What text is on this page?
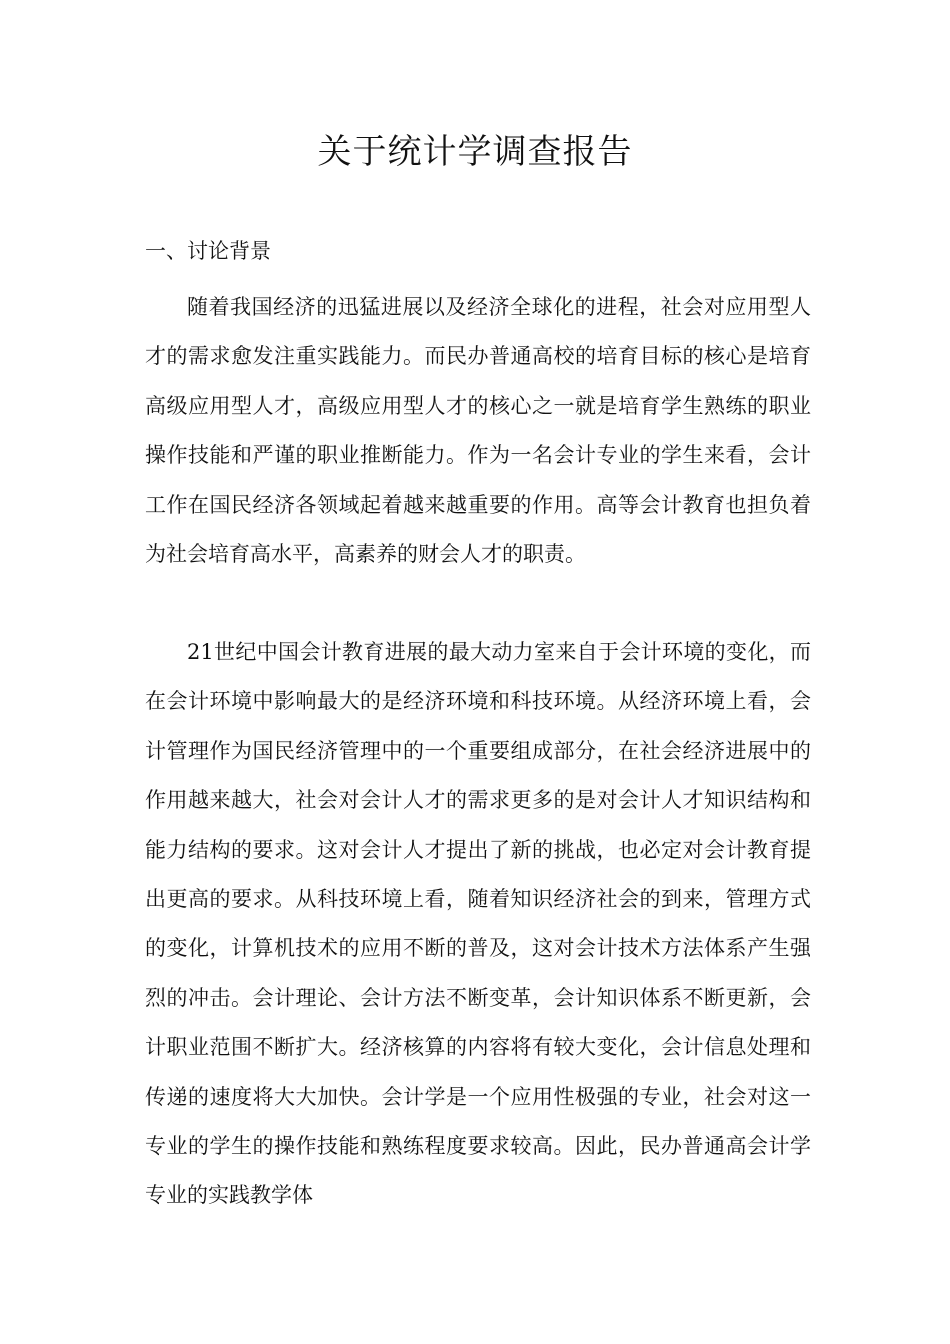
关于统计学调查报告
一、讨论背景

随着我国经济的迅猛进展以及经济全球化的进程，社会对应用型人才的需求愈发注重实践能力。而民办普通高校的培育目标的核心是培育高级应用型人才，高级应用型人才的核心之一就是培育学生熟练的职业操作技能和严谨的职业推断能力。作为一名会计专业的学生来看，会计工作在国民经济各领域起着越来越重要的作用。高等会计教育也担负着为社会培育高水平，高素养的财会人才的职责。

21世纪中国会计教育进展的最大动力室来自于会计环境的变化，而在会计环境中影响最大的是经济环境和科技环境。从经济环境上看，会计管理作为国民经济管理中的一个重要组成部分，在社会经济进展中的作用越来越大，社会对会计人才的需求更多的是对会计人才知识结构和能力结构的要求。这对会计人才提出了新的挑战，也必定对会计教育提出更高的要求。从科技环境上看，随着知识经济社会的到来，管理方式的变化，计算机技术的应用不断的普及，这对会计技术方法体系产生强烈的冲击。会计理论、会计方法不断变革，会计知识体系不断更新，会计职业范围不断扩大。经济核算的内容将有较大变化，会计信息处理和传递的速度将大大加快。会计学是一个应用性极强的专业，社会对这一专业的学生的操作技能和熟练程度要求较高。因此，民办普通高会计学专业的实践教学体
